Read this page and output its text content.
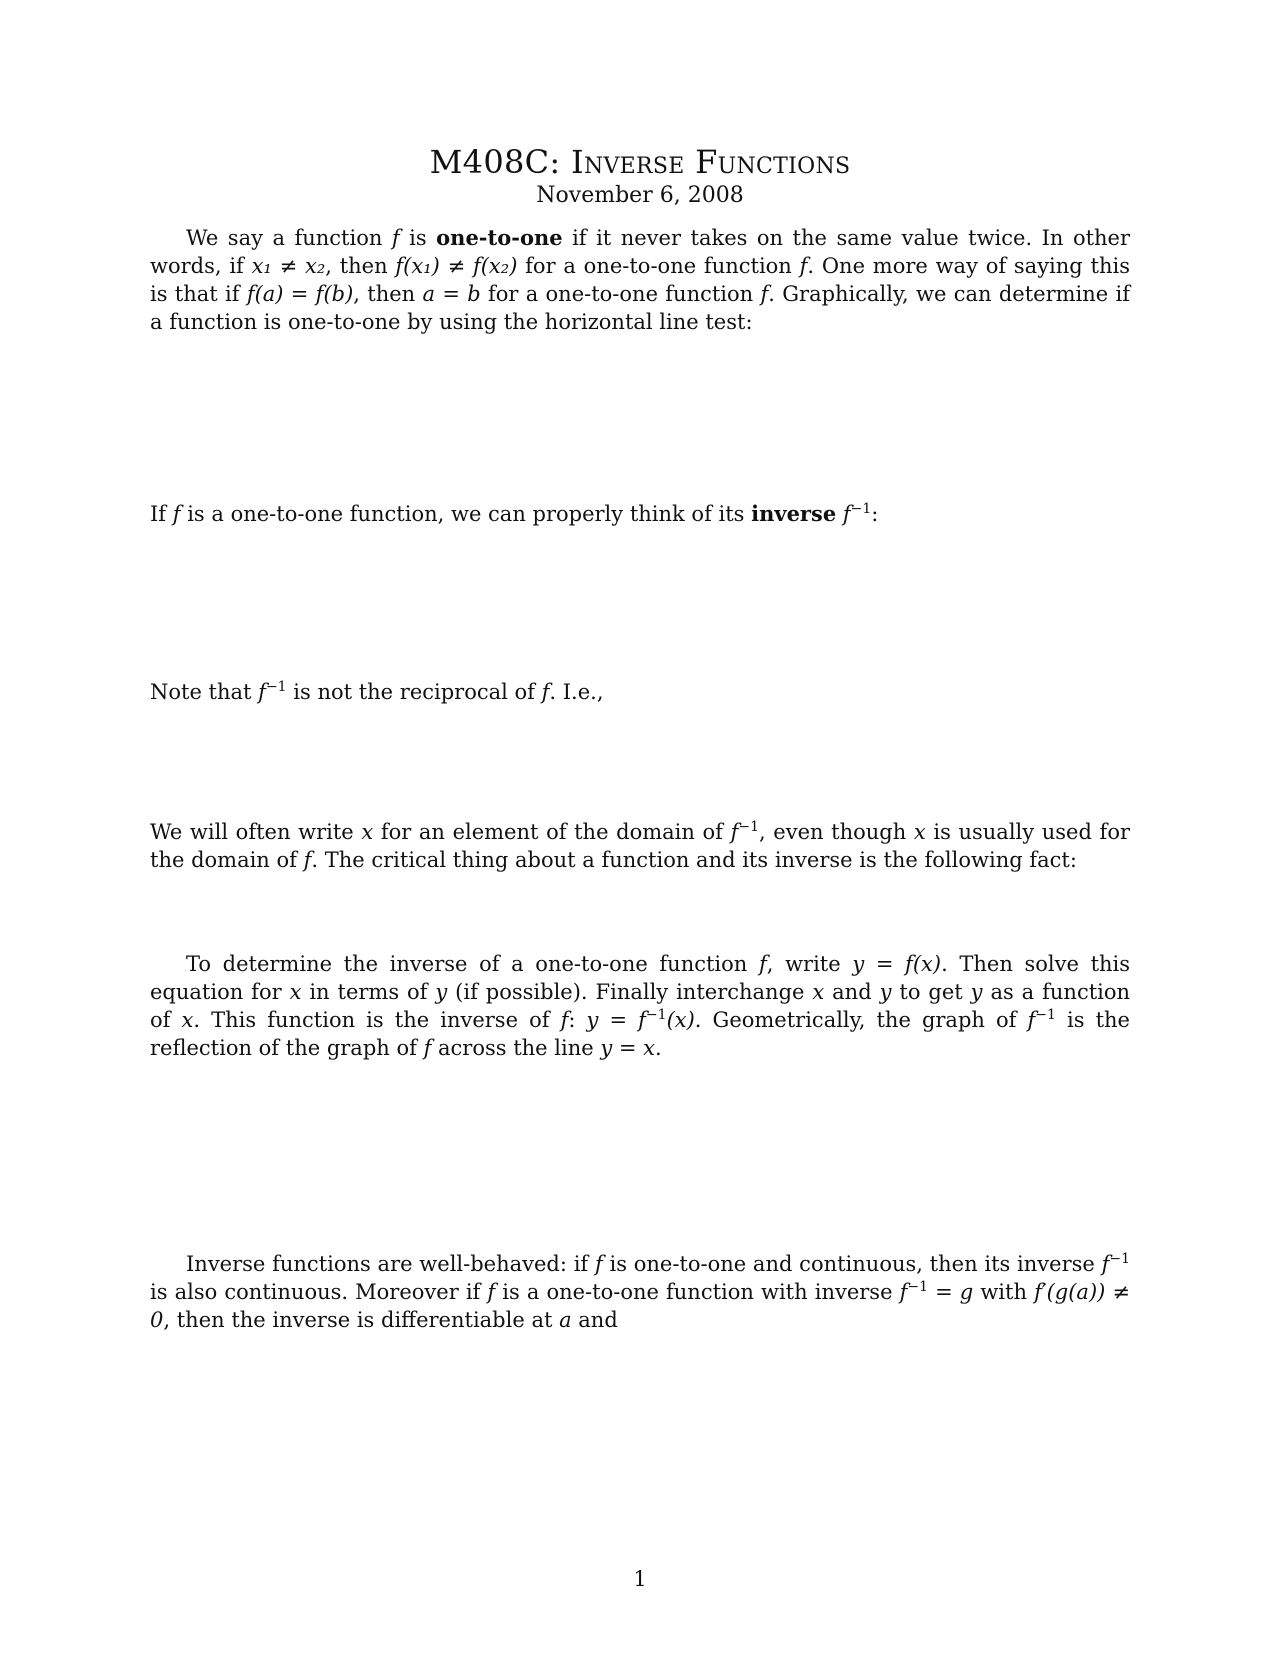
M408C: Inverse Functions
November 6, 2008

We say a function f is one-to-one if it never takes on the same value twice. In other words, if x₁ ≠ x₂, then f(x₁) ≠ f(x₂) for a one-to-one function f. One more way of saying this is that if f(a) = f(b), then a = b for a one-to-one function f. Graphically, we can determine if a function is one-to-one by using the horizontal line test:

If f is a one-to-one function, we can properly think of its inverse $f^{-1}$:

Note that $f^{-1}$ is not the reciprocal of f. I.e.,

We will often write x for an element of the domain of $f^{-1}$, even though x is usually used for the domain of f. The critical thing about a function and its inverse is the following fact:

To determine the inverse of a one-to-one function f, write y = f(x). Then solve this equation for x in terms of y (if possible). Finally interchange x and y to get y as a function of x. This function is the inverse of f: $y = f^{-1}(x)$. Geometrically, the graph of $f^{-1}$ is the reflection of the graph of f across the line y = x.

Inverse functions are well-behaved: if f is one-to-one and continuous, then its inverse $f^{-1}$ is also continuous. Moreover if f is a one-to-one function with inverse $f^{-1} = g$ with f′(g(a)) ≠ 0, then the inverse is differentiable at a and

1
